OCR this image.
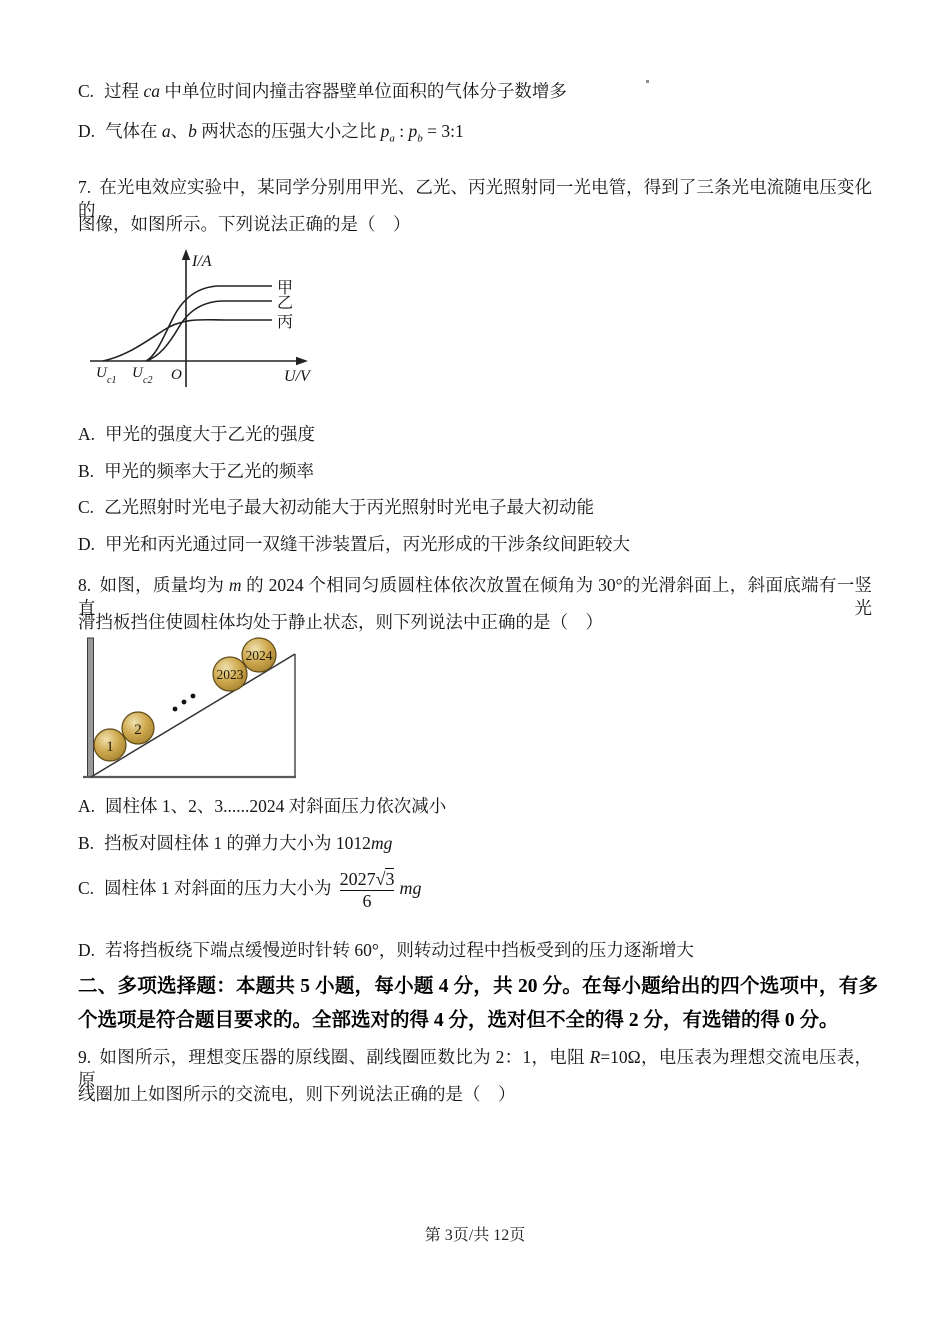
C. 过程 ca 中单位时间内撞击容器壁单位面积的气体分子数增多
D. 气体在 a、b 两状态的压强大小之比 $p_a$ : $p_b$ = 3:1
7. 在光电效应实验中，某同学分别用甲光、乙光、丙光照射同一光电管，得到了三条光电流随电压变化的
图像，如图所示。下列说法正确的是（　）
I/A
U/V
O
U c1 U c2
甲
乙
丙
A. 甲光的强度大于乙光的强度
B. 甲光的频率大于乙光的频率
C. 乙光照射时光电子最大初动能大于丙光照射时光电子最大初动能
D. 甲光和丙光通过同一双缝干涉装置后，丙光形成的干涉条纹间距较大
8. 如图，质量均为 m 的 2024 个相同匀质圆柱体依次放置在倾角为 30°的光滑斜面上，斜面底端有一竖直光
滑挡板挡住使圆柱体均处于静止状态，则下列说法中正确的是（　）
1
2
2023
2024
A. 圆柱体 1、2、3......2024 对斜面压力依次减小
B. 挡板对圆柱体 1 的弹力大小为 1012mg
C. 圆柱体 1 对斜面的压力大小为 $\frac{2027√3}{6}$ mg
D. 若将挡板绕下端点缓慢逆时针转 60°，则转动过程中挡板受到的压力逐渐增大
二、多项选择题：本题共 5 小题，每小题 4 分，共 20 分。在每小题给出的四个选项中，有多
个选项是符合题目要求的。全部选对的得 4 分，选对但不全的得 2 分，有选错的得 0 分。
9. 如图所示，理想变压器的原线圈、副线圈匝数比为 2：1，电阻 R=10Ω，电压表为理想交流电压表，原
线圈加上如图所示的交流电，则下列说法正确的是（　）
第 3页/共 12页
